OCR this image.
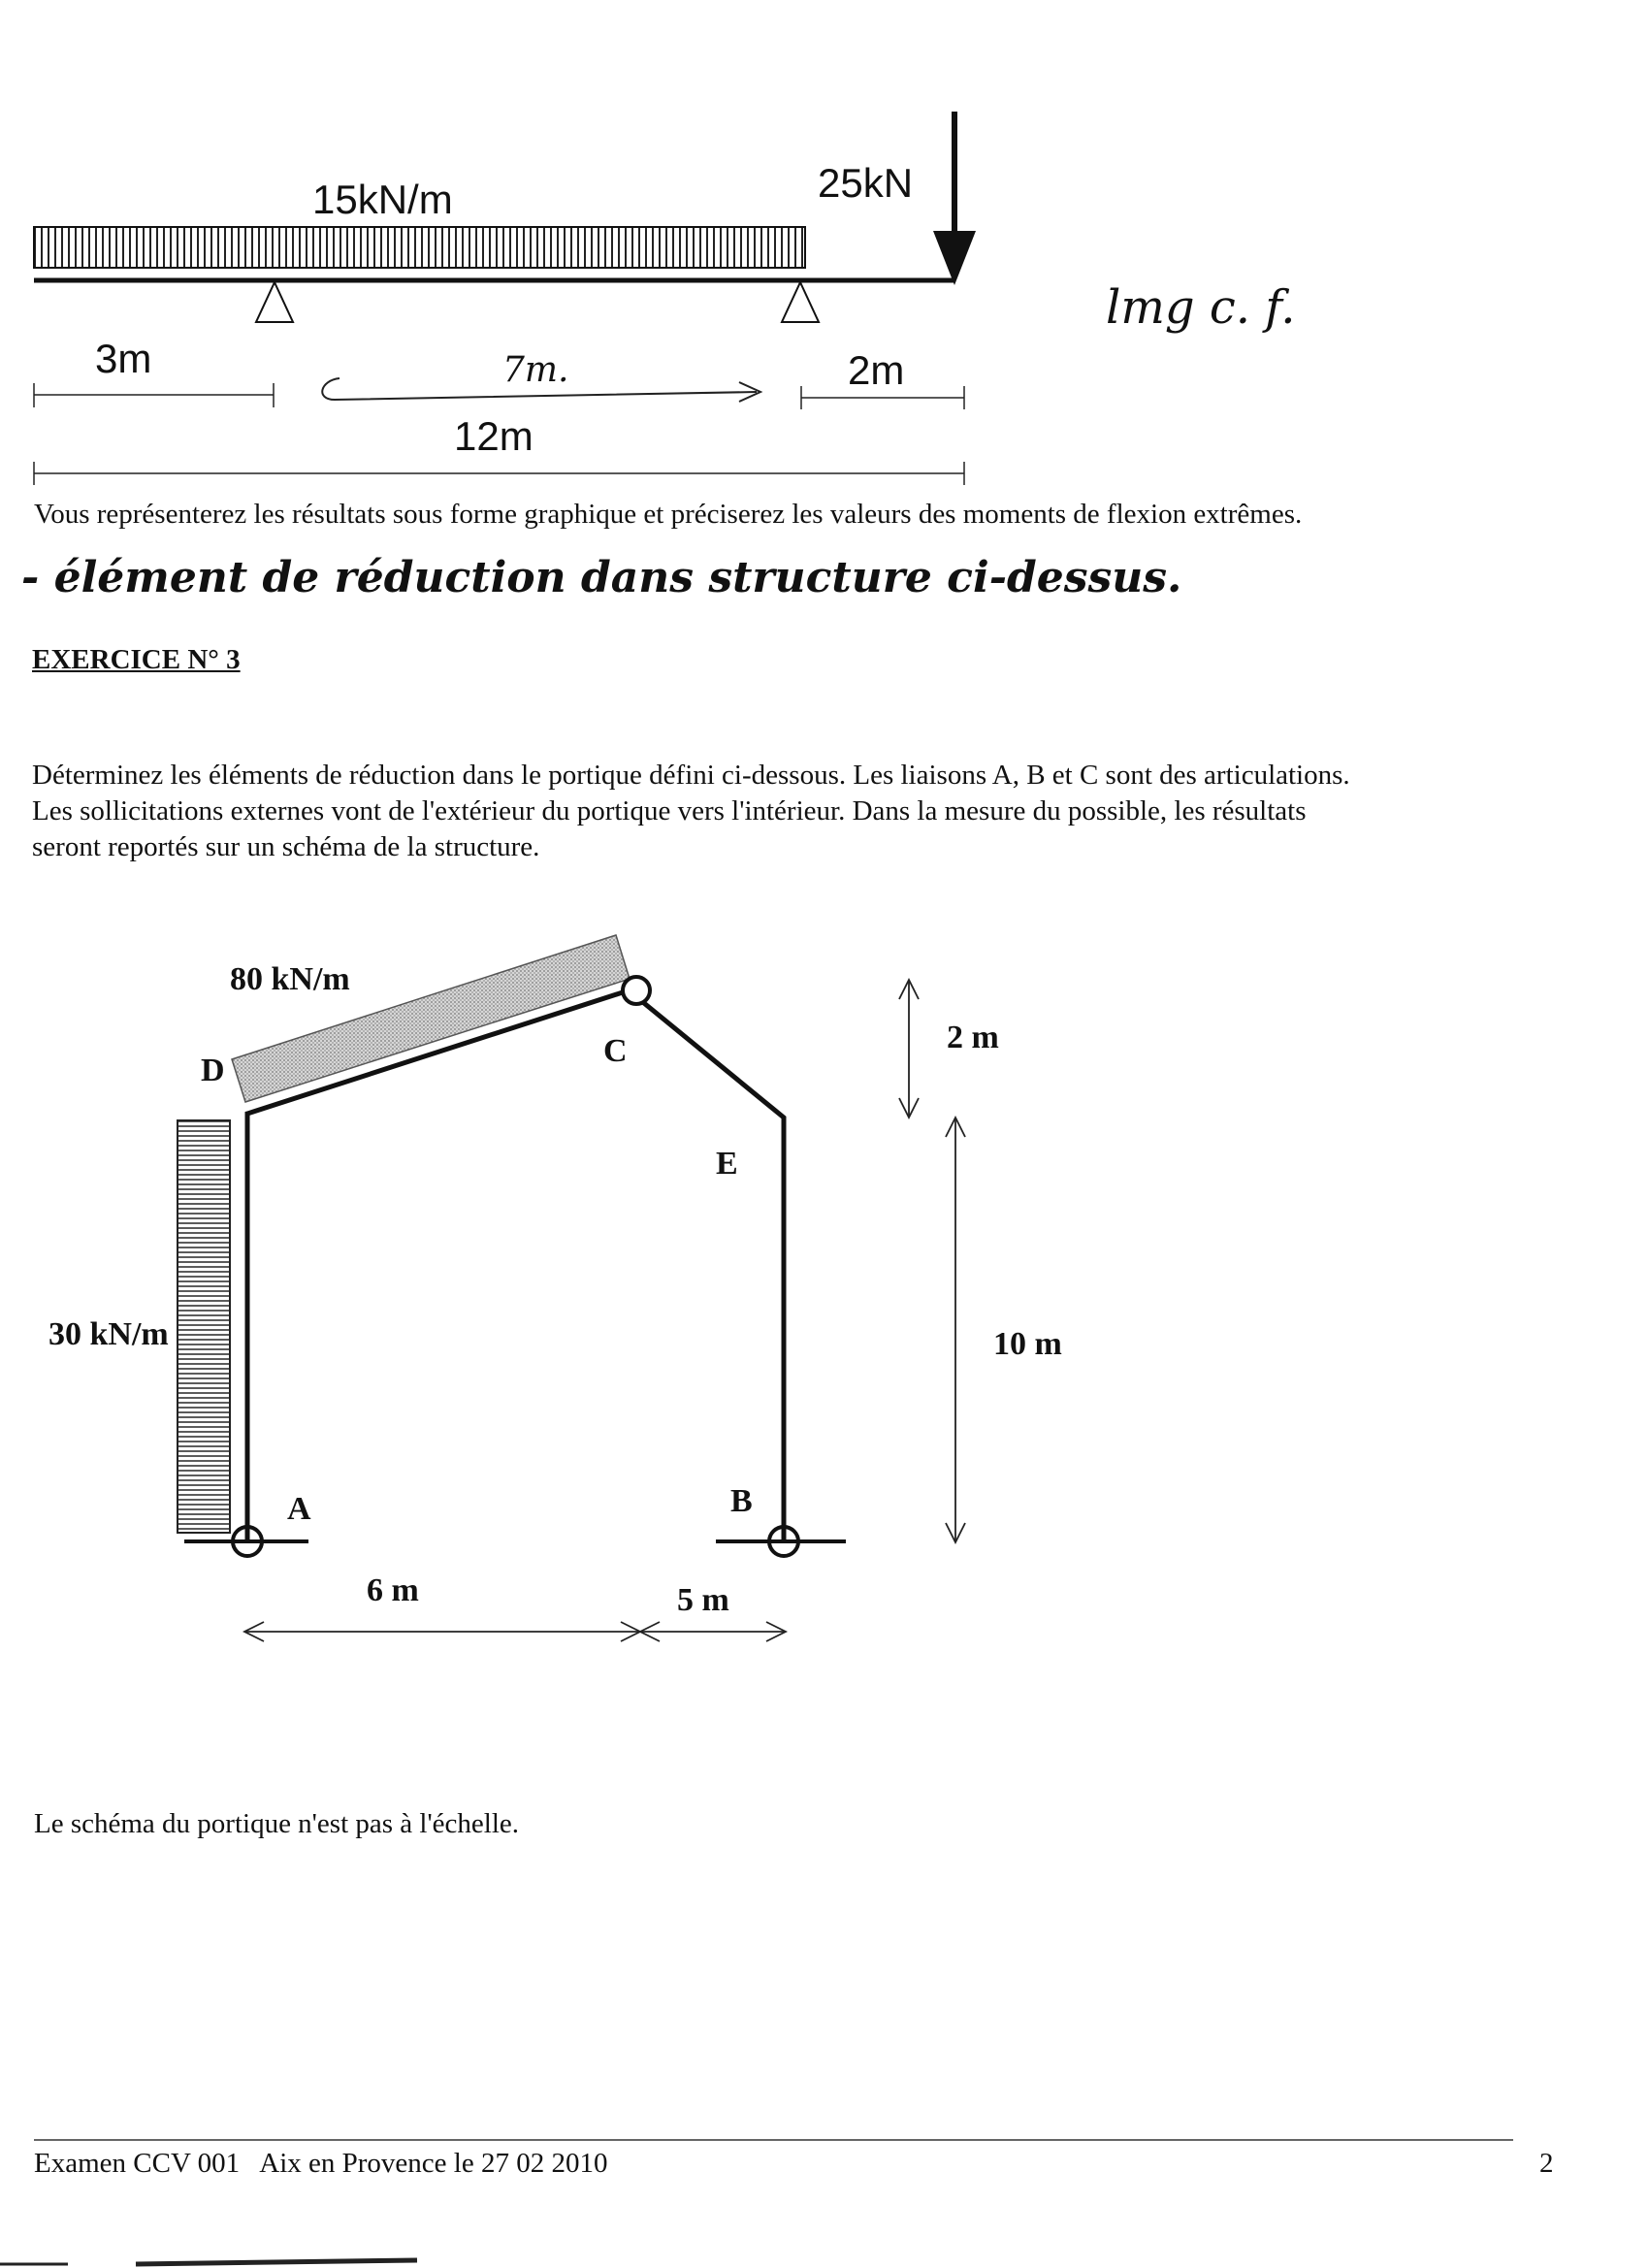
15kN/m	25kN
3m	7m.	2m
12m
lmg c. f.
Vous représenterez les résultats sous forme graphique et préciserez les valeurs des moments de flexion extrêmes.
- élément de réduction dans structure ci-dessus.
EXERCICE N° 3
Déterminez les éléments de réduction dans le portique défini ci-dessous. Les liaisons A, B et C sont des articulations.
Les sollicitations externes vont de l'extérieur du portique vers l'intérieur. Dans la mesure du possible, les résultats
seront reportés sur un schéma de la structure.
80 kN/m
30 kN/m
D
C
E
A	B
2 m
10 m
6 m	5 m
Le schéma du portique n'est pas à l'échelle.
Examen CCV 001   Aix en Provence le 27 02 2010	2
